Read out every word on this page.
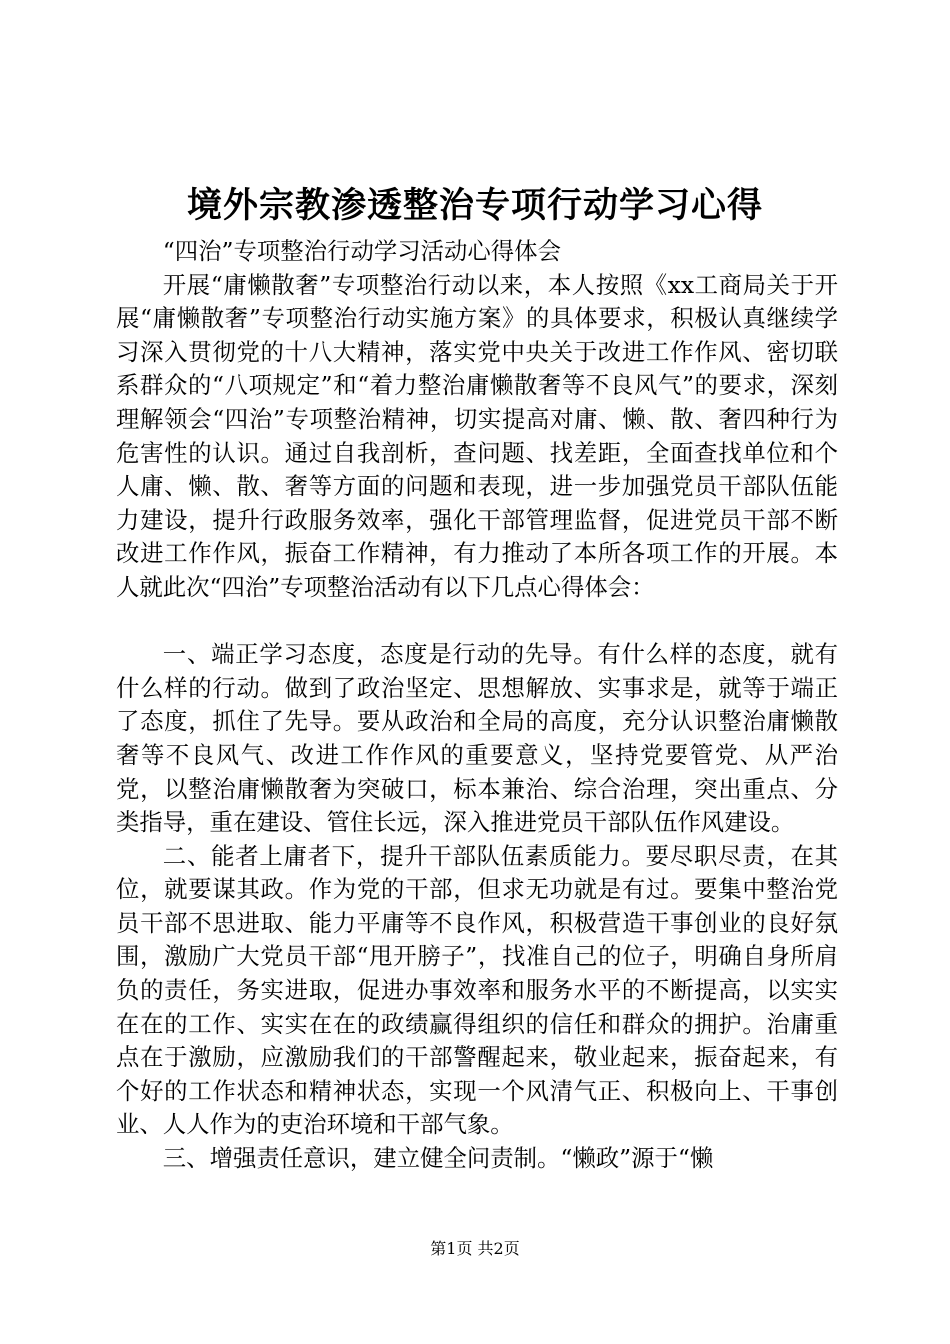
境外宗教渗透整治专项行动学习心得

“四治”专项整治行动学习活动心得体会

开展“庸懒散奢”专项整治行动以来，本人按照《xx工商局关于开展“庸懒散奢”专项整治行动实施方案》的具体要求，积极认真继续学习深入贯彻党的十八大精神，落实党中央关于改进工作作风、密切联系群众的“八项规定”和“着力整治庸懒散奢等不良风气”的要求，深刻理解领会“四治”专项整治精神，切实提高对庸、懒、散、奢四种行为危害性的认识。通过自我剖析，查问题、找差距，全面查找单位和个人庸、懒、散、奢等方面的问题和表现，进一步加强党员干部队伍能力建设，提升行政服务效率，强化干部管理监督，促进党员干部不断改进工作作风，振奋工作精神，有力推动了本所各项工作的开展。本人就此次“四治”专项整治活动有以下几点心得体会：

一、端正学习态度，态度是行动的先导。有什么样的态度，就有什么样的行动。做到了政治坚定、思想解放、实事求是，就等于端正了态度，抓住了先导。要从政治和全局的高度，充分认识整治庸懒散奢等不良风气、改进工作作风的重要意义，坚持党要管党、从严治党，以整治庸懒散奢为突破口，标本兼治、综合治理，突出重点、分类指导，重在建设、管住长远，深入推进党员干部队伍作风建设。

二、能者上庸者下，提升干部队伍素质能力。要尽职尽责，在其位，就要谋其政。作为党的干部，但求无功就是有过。要集中整治党员干部不思进取、能力平庸等不良作风，积极营造干事创业的良好氛围，激励广大党员干部“甩开膀子”，找准自己的位子，明确自身所肩负的责任，务实进取，促进办事效率和服务水平的不断提高，以实实在在的工作、实实在在的政绩赢得组织的信任和群众的拥护。治庸重点在于激励，应激励我们的干部警醒起来，敬业起来，振奋起来，有个好的工作状态和精神状态，实现一个风清气正、积极向上、干事创业、人人作为的吏治环境和干部气象。

三、增强责任意识，建立健全问责制。“懒政”源于“懒

第1页 共2页
